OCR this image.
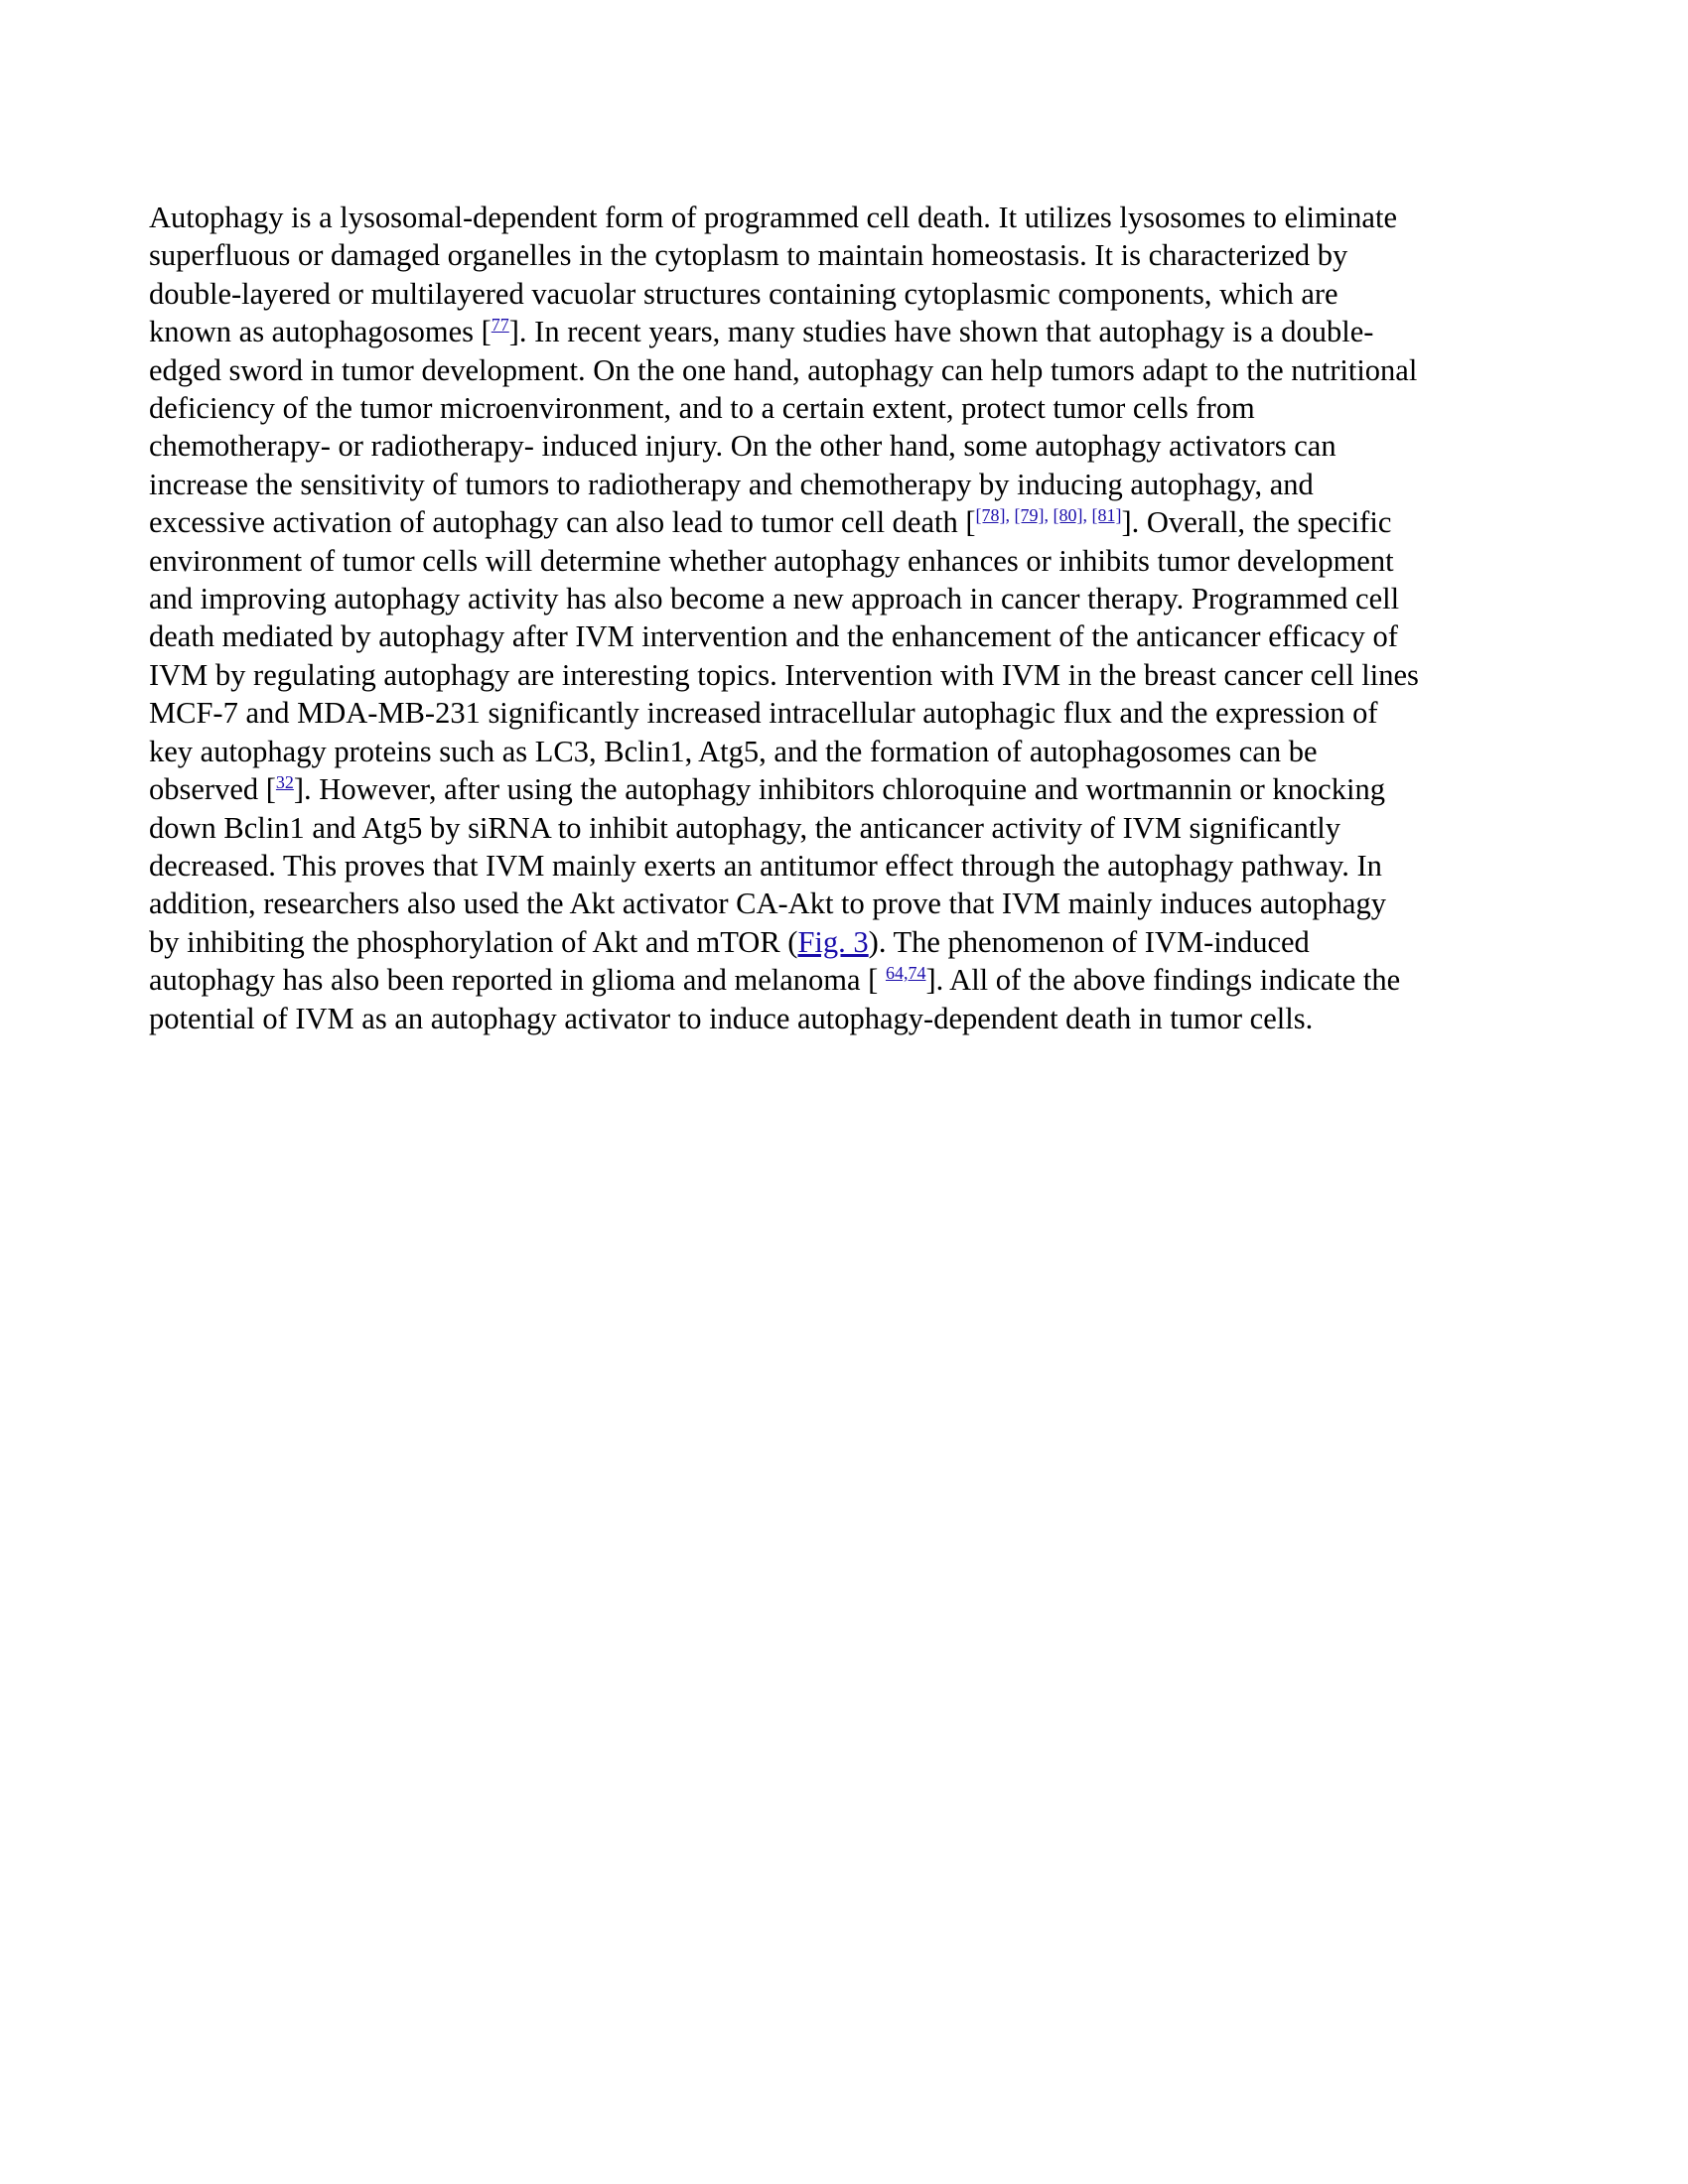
Autophagy is a lysosomal-dependent form of programmed cell death. It utilizes lysosomes to eliminate
superfluous or damaged organelles in the cytoplasm to maintain homeostasis. It is characterized by
double-layered or multilayered vacuolar structures containing cytoplasmic components, which are
known as autophagosomes [$^{77}$]. In recent years, many studies have shown that autophagy is a double-
edged sword in tumor development. On the one hand, autophagy can help tumors adapt to the nutritional
deficiency of the tumor microenvironment, and to a certain extent, protect tumor cells from
chemotherapy- or radiotherapy- induced injury. On the other hand, some autophagy activators can
increase the sensitivity of tumors to radiotherapy and chemotherapy by inducing autophagy, and
excessive activation of autophagy can also lead to tumor cell death [$^{[78],}$ $^{[79],}$ $^{[80],}$ [81]]. Overall, the specific
environment of tumor cells will determine whether autophagy enhances or inhibits tumor development
and improving autophagy activity has also become a new approach in cancer therapy. Programmed cell
death mediated by autophagy after IVM intervention and the enhancement of the anticancer efficacy of
IVM by regulating autophagy are interesting topics. Intervention with IVM in the breast cancer cell lines
MCF-7 and MDA-MB-231 significantly increased intracellular autophagic flux and the expression of
key autophagy proteins such as LC3, Bclin1, Atg5, and the formation of autophagosomes can be
observed [$^{32}$]. However, after using the autophagy inhibitors chloroquine and wortmannin or knocking
down Bclin1 and Atg5 by siRNA to inhibit autophagy, the anticancer activity of IVM significantly
decreased. This proves that IVM mainly exerts an antitumor effect through the autophagy pathway. In
addition, researchers also used the Akt activator CA-Akt to prove that IVM mainly induces autophagy
by inhibiting the phosphorylation of Akt and mTOR (Fig. 3). The phenomenon of IVM-induced
autophagy has also been reported in glioma and melanoma [ $^{64,74}$]. All of the above findings indicate the
potential of IVM as an autophagy activator to induce autophagy-dependent death in tumor cells.
